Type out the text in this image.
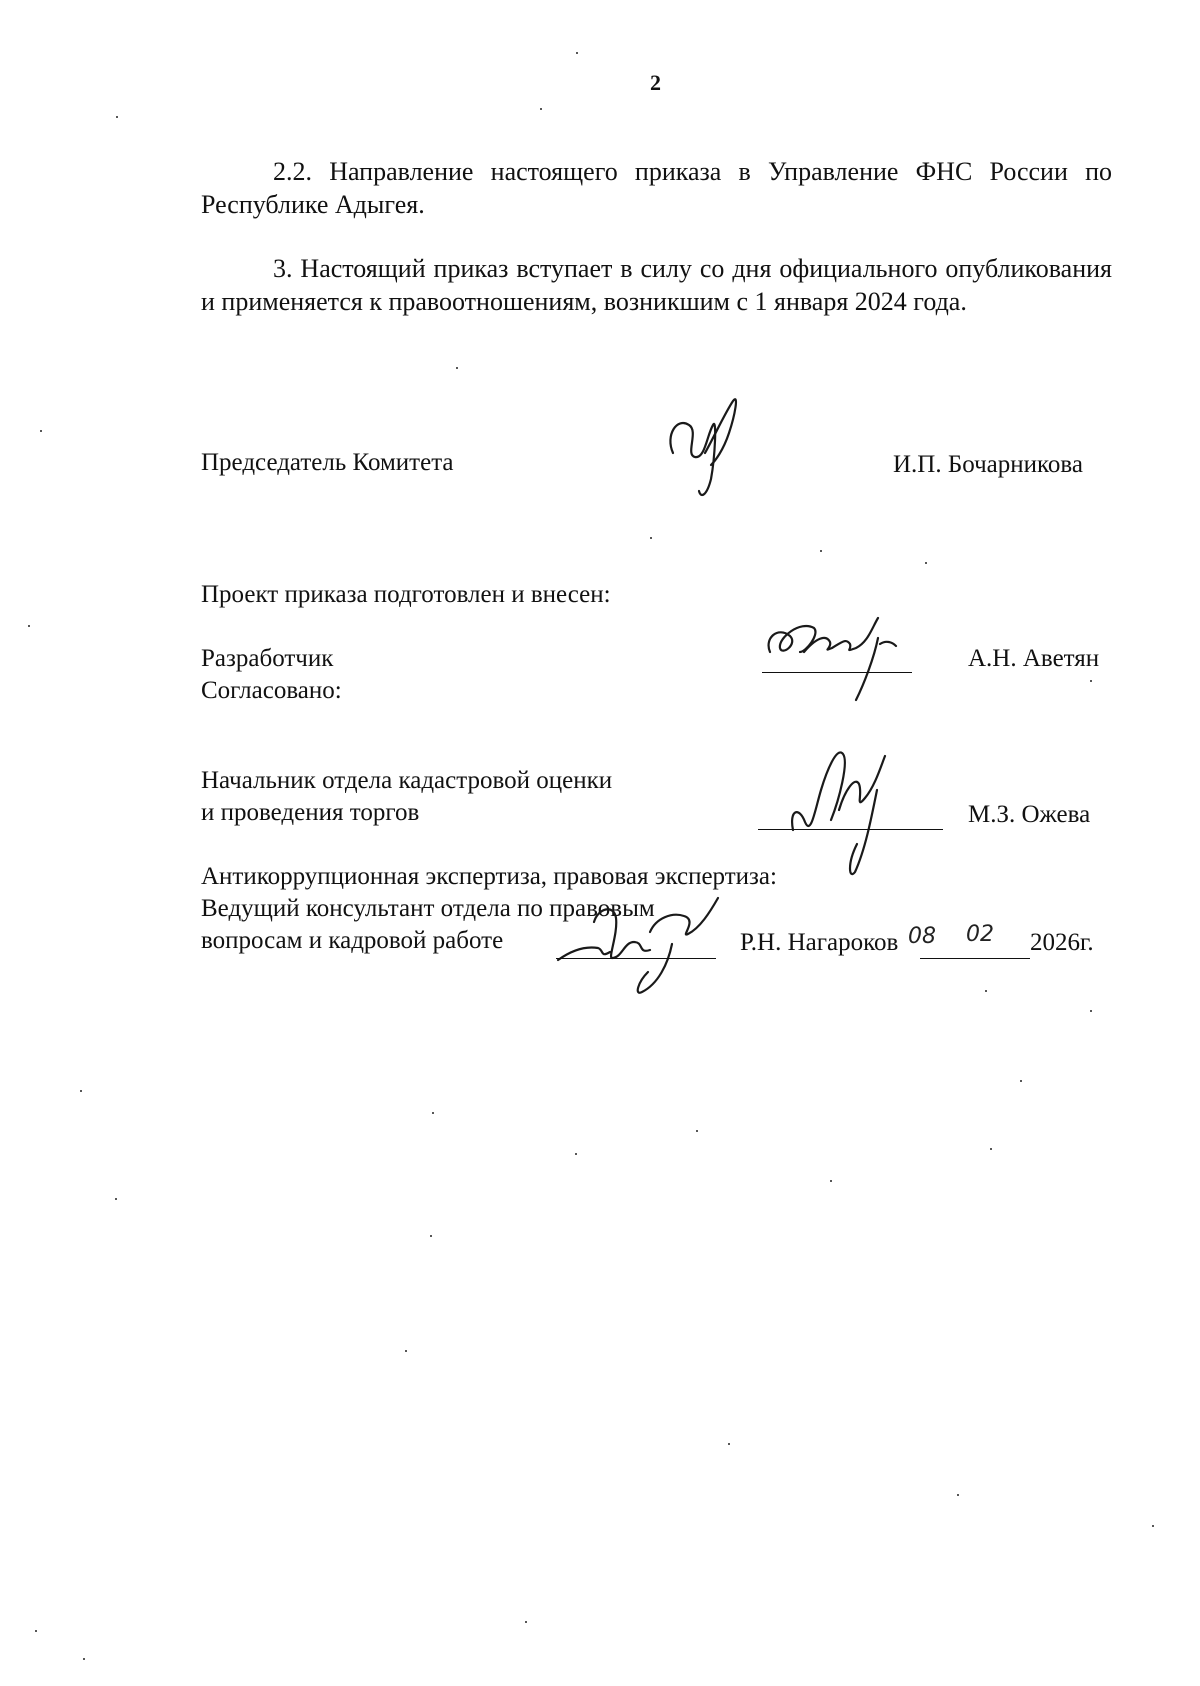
2

2.2. Направление настоящего приказа в Управление ФНС России по Республике Адыгея.

3. Настоящий приказ вступает в силу со дня официального опубликования и применяется к правоотношениям, возникшим с 1 января 2024 года.

Председатель Комитета	И.П. Бочарникова
Проект приказа подготовлен и внесен:
Разработчик	А.Н. Аветян
Согласовано:
Начальник отдела кадастровой оценки
и проведения торгов	М.З. Ожева
Антикоррупционная экспертиза, правовая экспертиза:
Ведущий консультант отдела по правовым
вопросам и кадровой работе	Р.Н. Нагароков 08 02 2026г.
